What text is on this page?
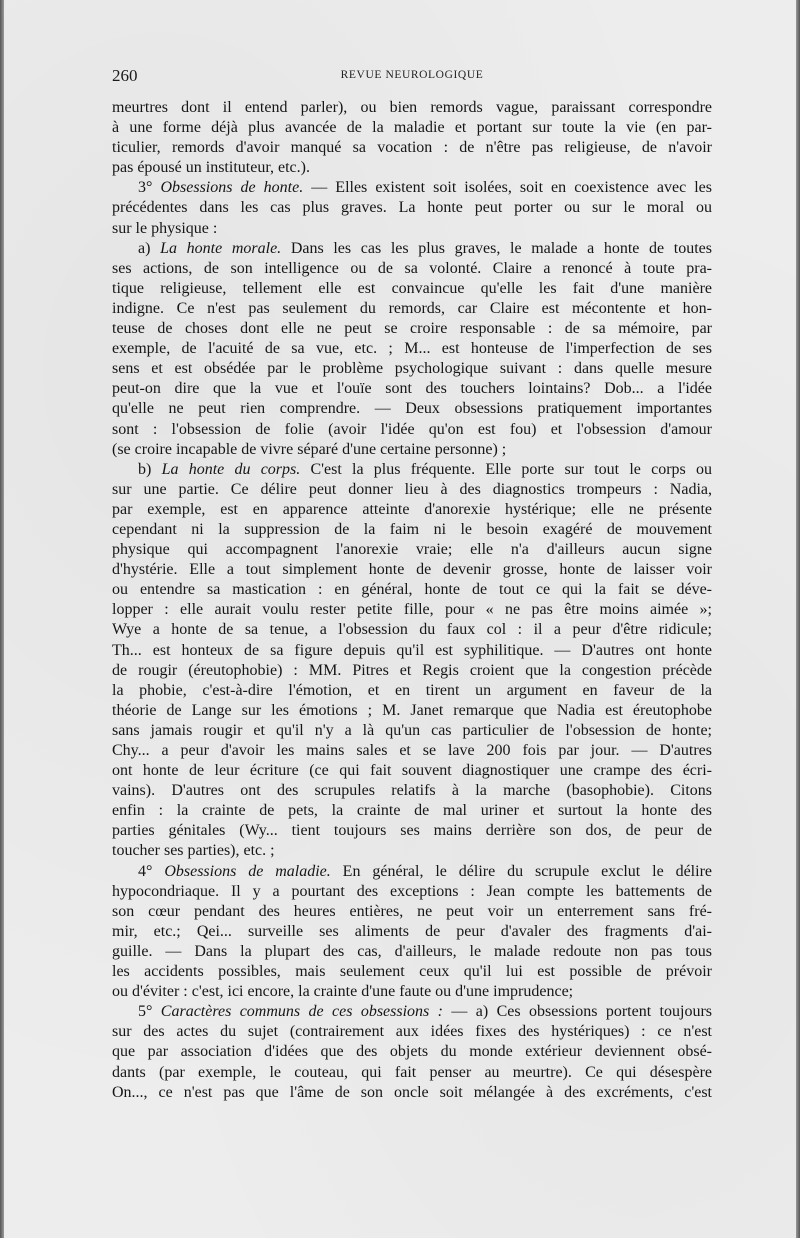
260	REVUE NEUROLOGIQUE
meurtres dont il entend parler), ou bien remords vague, paraissant correspondre
à une forme déjà plus avancée de la maladie et portant sur toute la vie (en par-
ticulier, remords d'avoir manqué sa vocation : de n'être pas religieuse, de n'avoir
pas épousé un instituteur, etc.).
3° Obsessions de honte. — Elles existent soit isolées, soit en coexistence avec les
précédentes dans les cas plus graves. La honte peut porter ou sur le moral ou
sur le physique :
a) La honte morale. Dans les cas les plus graves, le malade a honte de toutes
ses actions, de son intelligence ou de sa volonté. Claire a renoncé à toute pra-
tique religieuse, tellement elle est convaincue qu'elle les fait d'une manière
indigne. Ce n'est pas seulement du remords, car Claire est mécontente et hon-
teuse de choses dont elle ne peut se croire responsable : de sa mémoire, par
exemple, de l'acuité de sa vue, etc. ; M... est honteuse de l'imperfection de ses
sens et est obsédée par le problème psychologique suivant : dans quelle mesure
peut-on dire que la vue et l'ouïe sont des touchers lointains? Dob... a l'idée
qu'elle ne peut rien comprendre. — Deux obsessions pratiquement importantes
sont : l'obsession de folie (avoir l'idée qu'on est fou) et l'obsession d'amour
(se croire incapable de vivre séparé d'une certaine personne) ;
b) La honte du corps. C'est la plus fréquente. Elle porte sur tout le corps ou
sur une partie. Ce délire peut donner lieu à des diagnostics trompeurs : Nadia,
par exemple, est en apparence atteinte d'anorexie hystérique; elle ne présente
cependant ni la suppression de la faim ni le besoin exagéré de mouvement
physique qui accompagnent l'anorexie vraie; elle n'a d'ailleurs aucun signe
d'hystérie. Elle a tout simplement honte de devenir grosse, honte de laisser voir
ou entendre sa mastication : en général, honte de tout ce qui la fait se déve-
lopper : elle aurait voulu rester petite fille, pour « ne pas être moins aimée »;
Wye a honte de sa tenue, a l'obsession du faux col : il a peur d'être ridicule;
Th... est honteux de sa figure depuis qu'il est syphilitique. — D'autres ont honte
de rougir (éreutophobie) : MM. Pitres et Regis croient que la congestion précède
la phobie, c'est-à-dire l'émotion, et en tirent un argument en faveur de la
théorie de Lange sur les émotions ; M. Janet remarque que Nadia est éreutophobe
sans jamais rougir et qu'il n'y a là qu'un cas particulier de l'obsession de honte;
Chy... a peur d'avoir les mains sales et se lave 200 fois par jour. — D'autres
ont honte de leur écriture (ce qui fait souvent diagnostiquer une crampe des écri-
vains). D'autres ont des scrupules relatifs à la marche (basophobie). Citons
enfin : la crainte de pets, la crainte de mal uriner et surtout la honte des
parties génitales (Wy... tient toujours ses mains derrière son dos, de peur de
toucher ses parties), etc. ;
4° Obsessions de maladie. En général, le délire du scrupule exclut le délire
hypocondriaque. Il y a pourtant des exceptions : Jean compte les battements de
son cœur pendant des heures entières, ne peut voir un enterrement sans fré-
mir, etc.; Qei... surveille ses aliments de peur d'avaler des fragments d'ai-
guille. — Dans la plupart des cas, d'ailleurs, le malade redoute non pas tous
les accidents possibles, mais seulement ceux qu'il lui est possible de prévoir
ou d'éviter : c'est, ici encore, la crainte d'une faute ou d'une imprudence;
5° Caractères communs de ces obsessions : — a) Ces obsessions portent toujours
sur des actes du sujet (contrairement aux idées fixes des hystériques) : ce n'est
que par association d'idées que des objets du monde extérieur deviennent obsé-
dants (par exemple, le couteau, qui fait penser au meurtre). Ce qui désespère
On..., ce n'est pas que l'âme de son oncle soit mélangée à des excréments, c'est
